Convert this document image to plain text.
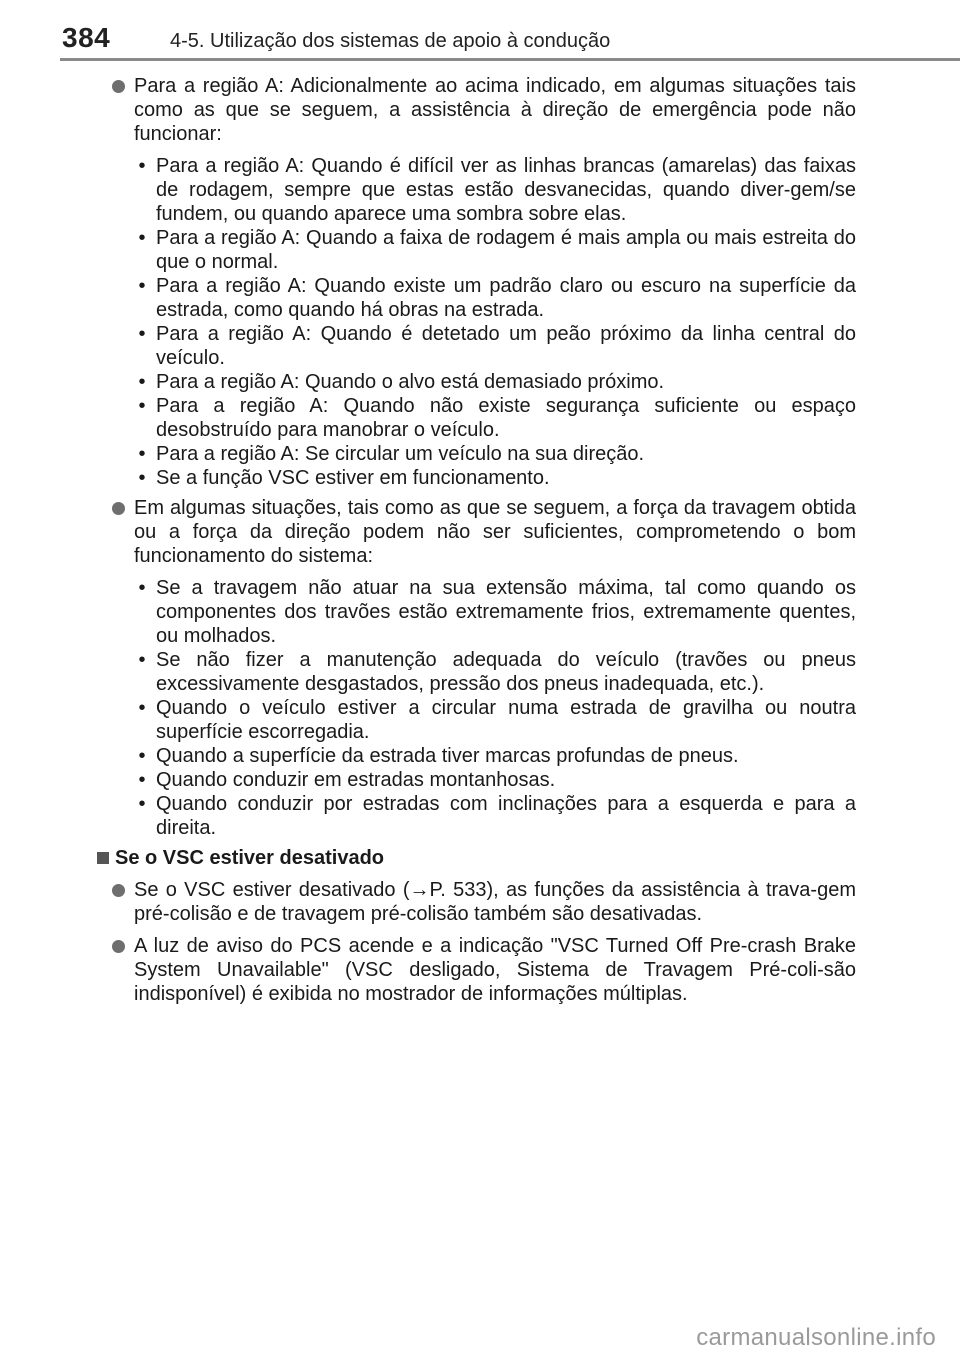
384	4-5. Utilização dos sistemas de apoio à condução
Para a região A: Adicionalmente ao acima indicado, em algumas situações tais como as que se seguem, a assistência à direção de emergência pode não funcionar:
• Para a região A: Quando é difícil ver as linhas brancas (amarelas) das faixas de rodagem, sempre que estas estão desvanecidas, quando diver-gem/se fundem, ou quando aparece uma sombra sobre elas.
• Para a região A: Quando a faixa de rodagem é mais ampla ou mais estreita do que o normal.
• Para a região A: Quando existe um padrão claro ou escuro na superfície da estrada, como quando há obras na estrada.
• Para a região A: Quando é detetado um peão próximo da linha central do veículo.
• Para a região A: Quando o alvo está demasiado próximo.
• Para a região A: Quando não existe segurança suficiente ou espaço desobstruído para manobrar o veículo.
• Para a região A: Se circular um veículo na sua direção.
• Se a função VSC estiver em funcionamento.
Em algumas situações, tais como as que se seguem, a força da travagem obtida ou a força da direção podem não ser suficientes, comprometendo o bom funcionamento do sistema:
• Se a travagem não atuar na sua extensão máxima, tal como quando os componentes dos travões estão extremamente frios, extremamente quentes, ou molhados.
• Se não fizer a manutenção adequada do veículo (travões ou pneus excessivamente desgastados, pressão dos pneus inadequada, etc.).
• Quando o veículo estiver a circular numa estrada de gravilha ou noutra superfície escorregadia.
• Quando a superfície da estrada tiver marcas profundas de pneus.
• Quando conduzir em estradas montanhosas.
• Quando conduzir por estradas com inclinações para a esquerda e para a direita.
Se o VSC estiver desativado
Se o VSC estiver desativado (→P. 533), as funções da assistência à trava-gem pré-colisão e de travagem pré-colisão também são desativadas.
A luz de aviso do PCS acende e a indicação "VSC Turned Off Pre-crash Brake System Unavailable" (VSC desligado, Sistema de Travagem Pré-coli-são indisponível) é exibida no mostrador de informações múltiplas.
carmanualsonline.info
